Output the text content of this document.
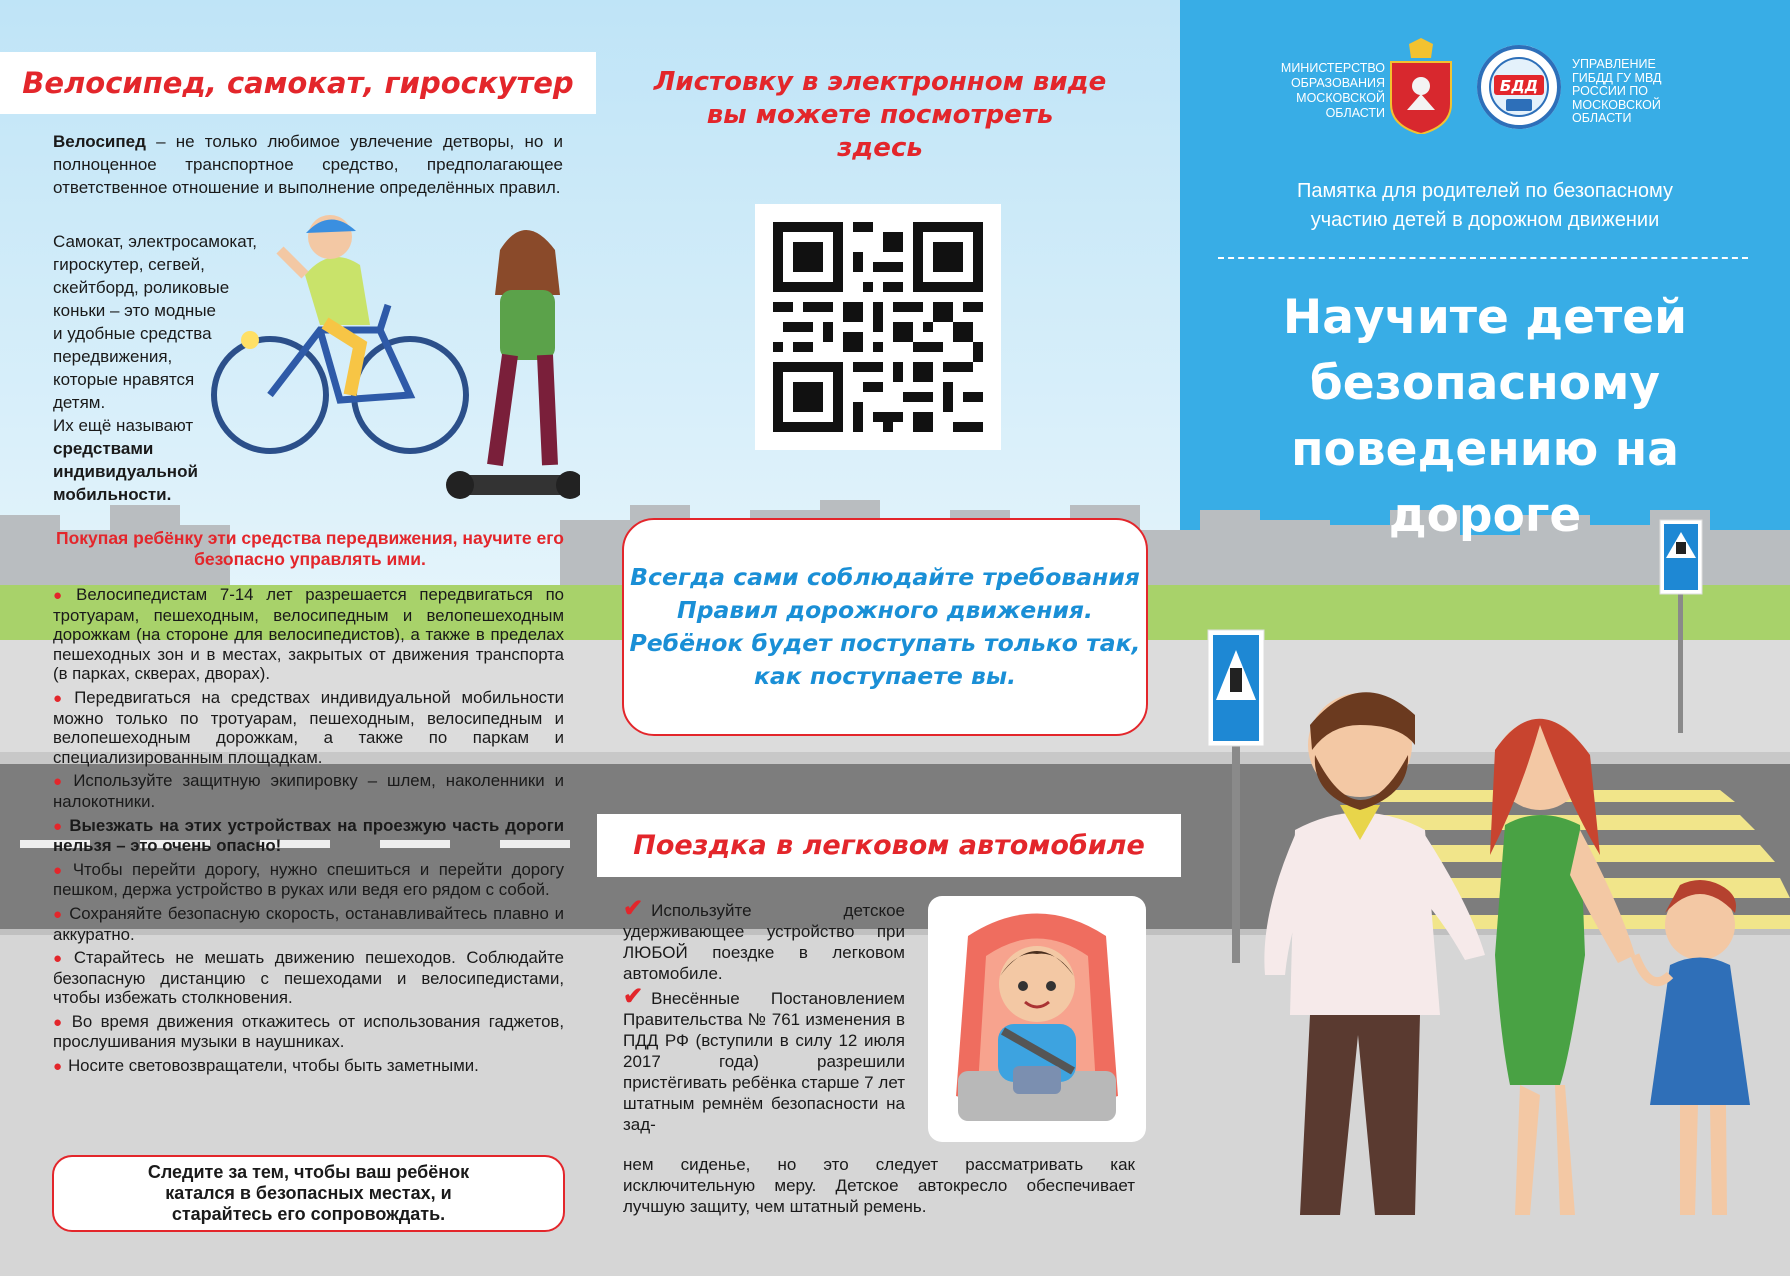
Велосипед, самокат, гироскутер

Велосипед – не только любимое увлечение детворы, но и полноценное транспортное средство, предполагающее ответственное отношение и выполнение определённых правил.

Самокат, электросамокат,
гироскутер, сегвей,
скейтборд, роликовые
коньки – это модные
и удобные средства
передвижения,
которые нравятся
детям.
Их ещё называют
средствами
индивидуальной
мобильности.
Покупая ребёнку эти средства передвижения, научите его безопасно управлять ими.
● Велосипедистам 7-14 лет разрешается передвигаться по тротуарам, пешеходным, велосипедным и велопешеходным дорожкам (на стороне для велосипедистов), а также в пределах пешеходных зон и в местах, закрытых от движения транспорта (в парках, скверах, дворах).
● Передвигаться на средствах индивидуальной мобильности можно только по тротуарам, пешеходным, велосипедным и велопешеходным дорожкам, а также по паркам и специализированным площадкам.
● Используйте защитную экипировку – шлем, наколенники и налокотники.
● Выезжать на этих устройствах на проезжую часть дороги нельзя – это очень опасно!
● Чтобы перейти дорогу, нужно спешиться и перейти дорогу пешком, держа устройство в руках или ведя его рядом с собой.
● Сохраняйте безопасную скорость, останавливайтесь плавно и аккуратно.
● Старайтесь не мешать движению пешеходов. Соблюдайте безопасную дистанцию с пешеходами и велосипедистами, чтобы избежать столкновения.
● Во время движения откажитесь от использования гаджетов, прослушивания музыки в наушниках.
● Носите световозвращатели, чтобы быть заметными.
Следите за тем, чтобы ваш ребёнок катался в безопасных местах, и старайтесь его сопровождать.
Листовку в электронном виде
вы можете посмотреть
здесь
Всегда сами соблюдайте требования
Правил дорожного движения.
Ребёнок будет поступать только так,
как поступаете вы.
Поездка в легковом автомобиле

✔ Используйте детское удерживающее устройство при ЛЮБОЙ поездке в легковом автомобиле.

✔ Внесённые Постановлением Правительства № 761 изменения в ПДД РФ (вступили в силу 12 июля 2017 года) разрешили пристёгивать ребёнка старше 7 лет штатным ремнём безопасности на зад-

нем сиденье, но это следует рассматривать как исключительную меру. Детское автокресло обеспечивает лучшую защиту, чем штатный ремень.

МИНИСТЕРСТВО
ОБРАЗОВАНИЯ
МОСКОВСКОЙ
ОБЛАСТИ
БДД
УПРАВЛЕНИЕ
ГИБДД ГУ МВД
РОССИИ ПО
МОСКОВСКОЙ
ОБЛАСТИ
Памятка для родителей по безопасному
участию детей в дорожном движении
Научите детей
безопасному
поведению на дороге
